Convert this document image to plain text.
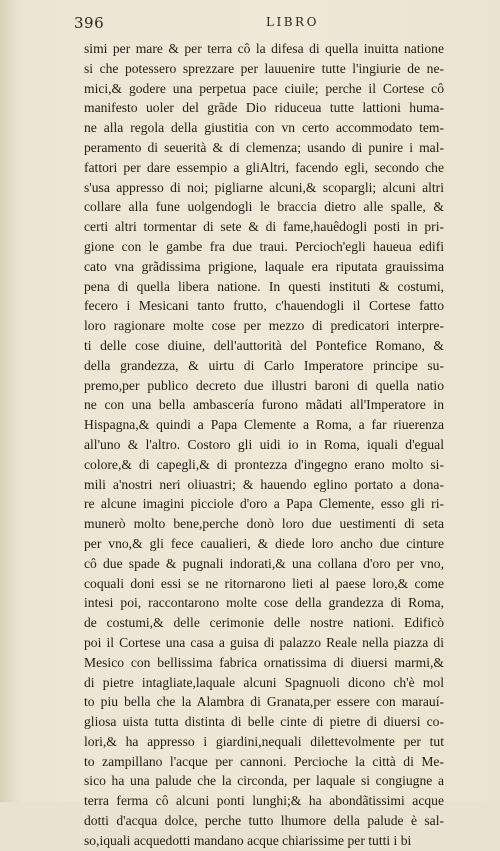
396	LIBRO
simi per mare & per terra cô la difesa di quella inuitta natione
si che potessero sprezzare per lauuenire tutte l'ingiurie de ne-
mici,& godere una perpetua pace ciuile; perche il Cortese cô
manifesto uoler del grãde Dio riduceua tutte lattioni huma-
ne alla regola della giustitia con vn certo accommodato tem-
peramento di seuerità & di clemenza; usando di punire i mal-
fattori per dare essempio a gliAltri, facendo egli, secondo che
s'usa appresso di noi; pigliarne alcuni,& scopargli; alcuni altri
collare alla fune uolgendogli le braccia dietro alle spalle, &
certi altri tormentar di sete & di fame,hauêdogli posti in pri-
gione con le gambe fra due traui. Percioch'egli haueua edifi
cato vna grãdissima prigione, laquale era riputata grauissima
pena di quella libera natione. In questi instituti & costumi,
fecero i Mesicani tanto frutto, c'hauendogli il Cortese fatto
loro ragionare molte cose per mezzo di predicatori interpre-
ti delle cose diuine, dell'auttorità del Pontefice Romano, &
della grandezza, & uirtu di Carlo Imperatore principe su-
premo,per publico decreto due illustri baroni di quella natio
ne con una bella ambascería furono mãdati all'Imperatore in
Hispagna,& quindi a Papa Clemente a Roma, a far riuerenza
all'uno & l'altro. Costoro gli uidi io in Roma, iquali d'egual
colore,& di capegli,& di prontezza d'ingegno erano molto si-
mili a'nostri neri oliuastri; & hauendo eglino portato a dona-
re alcune imagini picciole d'oro a Papa Clemente, esso gli ri-
munerò molto bene,perche donò loro due uestimenti di seta
per vno,& gli fece caualieri, & diede loro ancho due cinture
cô due spade & pugnali indorati,& una collana d'oro per vno,
coquali doni essi se ne ritornarono lieti al paese loro,& come
intesi poi, raccontarono molte cose della grandezza di Roma,
de costumi,& delle cerimonie delle nostre nationi. Edificò
poi il Cortese una casa a guisa di palazzo Reale nella piazza di
Mesico con bellissima fabrica ornatissima di diuersi marmi,&
di pietre intagliate,laquale alcuni Spagnuoli dicono ch'è mol
to piu bella che la Alambra di Granata,per essere con marauí-
gliosa uista tutta distinta di belle cinte di pietre di diuersi co-
lori,& ha appresso i giardini,nequali dilettevolmente per tut
to zampillano l'acque per cannoni. Percioche la città di Me-
sico ha una palude che la circonda, per laquale si congiugne a
terra ferma cô alcuni ponti lunghi;& ha abondãtissimi acque
dotti d'acqua dolce, perche tutto lhumore della palude è sal-
so,iquali acquedotti mandano acque chiarissime per tutti i bi
